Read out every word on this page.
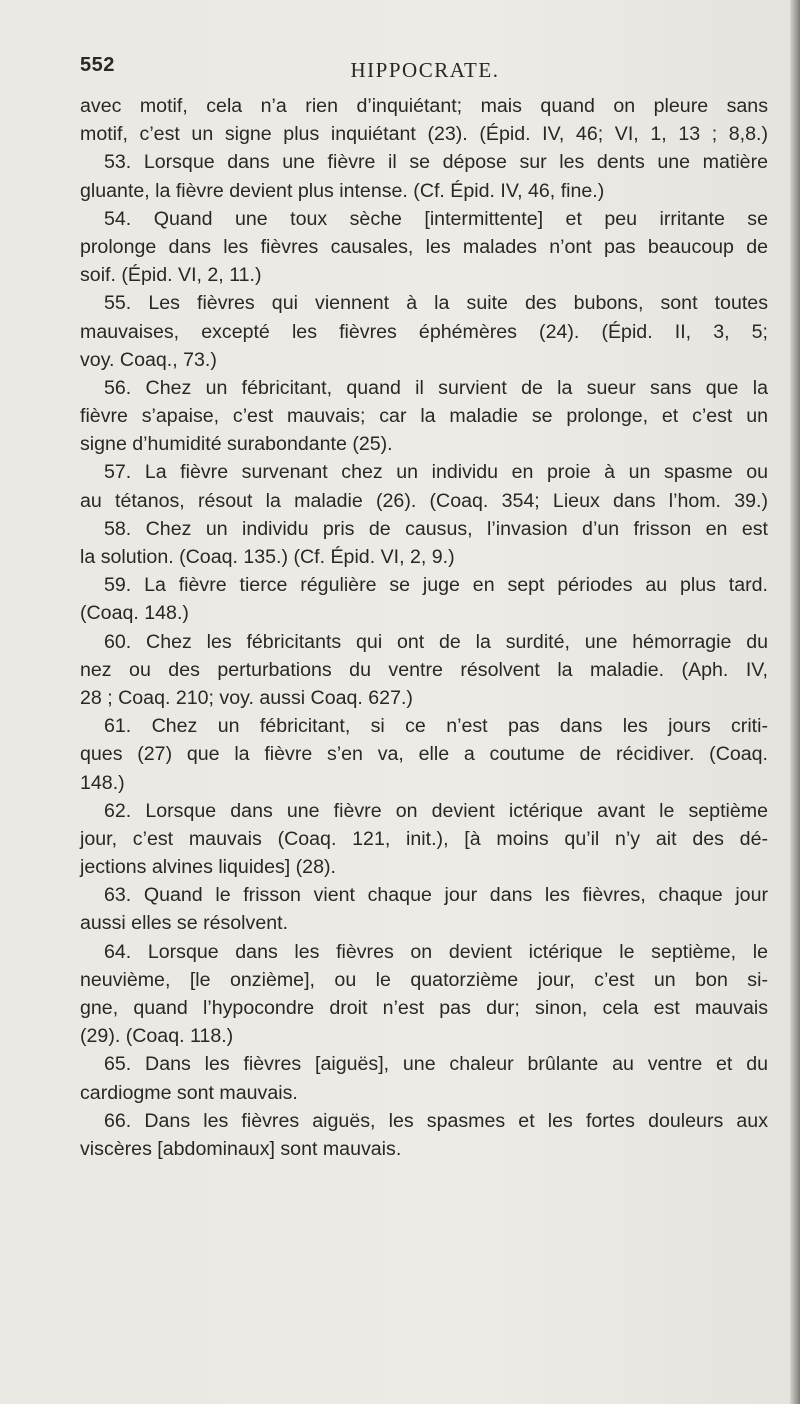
552	HIPPOCRATE.
avec motif, cela n’a rien d’inquiétant; mais quand on pleure sans
motif, c’est un signe plus inquiétant (23). (Épid. IV, 46; VI, 1, 13 ; 8,8.)
53. Lorsque dans une fièvre il se dépose sur les dents une matière
gluante, la fièvre devient plus intense. (Cf. Épid. IV, 46, fine.)
54. Quand une toux sèche [intermittente] et peu irritante se
prolonge dans les fièvres causales, les malades n’ont pas beaucoup de
soif. (Épid. VI, 2, 11.)
55. Les fièvres qui viennent à la suite des bubons, sont toutes
mauvaises, excepté les fièvres éphémères (24). (Épid. II, 3, 5;
voy. Coaq., 73.)
56. Chez un fébricitant, quand il survient de la sueur sans que la
fièvre s’apaise, c’est mauvais; car la maladie se prolonge, et c’est un
signe d’humidité surabondante (25).
57. La fièvre survenant chez un individu en proie à un spasme ou
au tétanos, résout la maladie (26). (Coaq. 354; Lieux dans l’hom. 39.)
58. Chez un individu pris de causus, l’invasion d’un frisson en est
la solution. (Coaq. 135.) (Cf. Épid. VI, 2, 9.)
59. La fièvre tierce régulière se juge en sept périodes au plus tard.
(Coaq. 148.)
60. Chez les fébricitants qui ont de la surdité, une hémorragie du
nez ou des perturbations du ventre résolvent la maladie. (Aph. IV,
28 ; Coaq. 210; voy. aussi Coaq. 627.)
61. Chez un fébricitant, si ce n’est pas dans les jours criti-
ques (27) que la fièvre s’en va, elle a coutume de récidiver. (Coaq.
148.)
62. Lorsque dans une fièvre on devient ictérique avant le septième
jour, c’est mauvais (Coaq. 121, init.), [à moins qu’il n’y ait des dé-
jections alvines liquides] (28).
63. Quand le frisson vient chaque jour dans les fièvres, chaque jour
aussi elles se résolvent.
64. Lorsque dans les fièvres on devient ictérique le septième, le
neuvième, [le onzième], ou le quatorzième jour, c’est un bon si-
gne, quand l’hypocondre droit n’est pas dur; sinon, cela est mauvais
(29). (Coaq. 118.)
65. Dans les fièvres [aiguës], une chaleur brûlante au ventre et du
cardiogme sont mauvais.
66. Dans les fièvres aiguës, les spasmes et les fortes douleurs aux
viscères [abdominaux] sont mauvais.
